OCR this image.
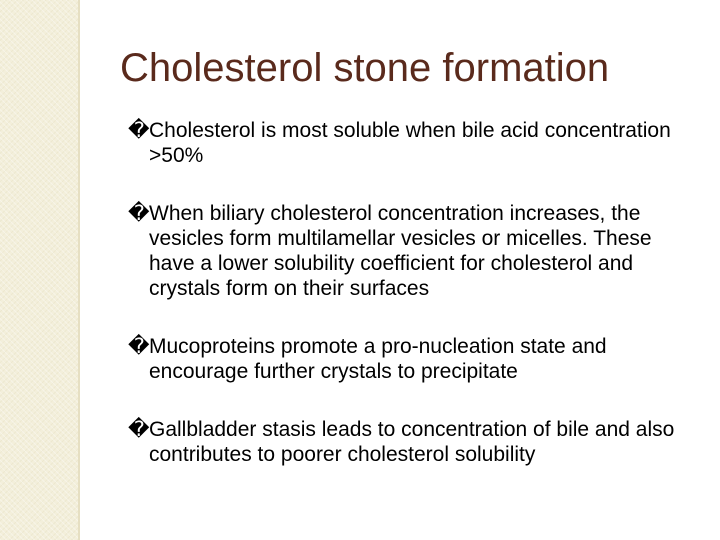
Cholesterol stone formation
� Cholesterol is most soluble when bile acid concentration >50%
� When biliary cholesterol concentration increases, the vesicles form multilamellar vesicles or micelles. These have a lower solubility coefficient for cholesterol and crystals form on their surfaces
� Mucoproteins promote a pro-nucleation state and encourage further crystals to precipitate
� Gallbladder stasis leads to concentration of bile and also contributes to poorer cholesterol solubility
